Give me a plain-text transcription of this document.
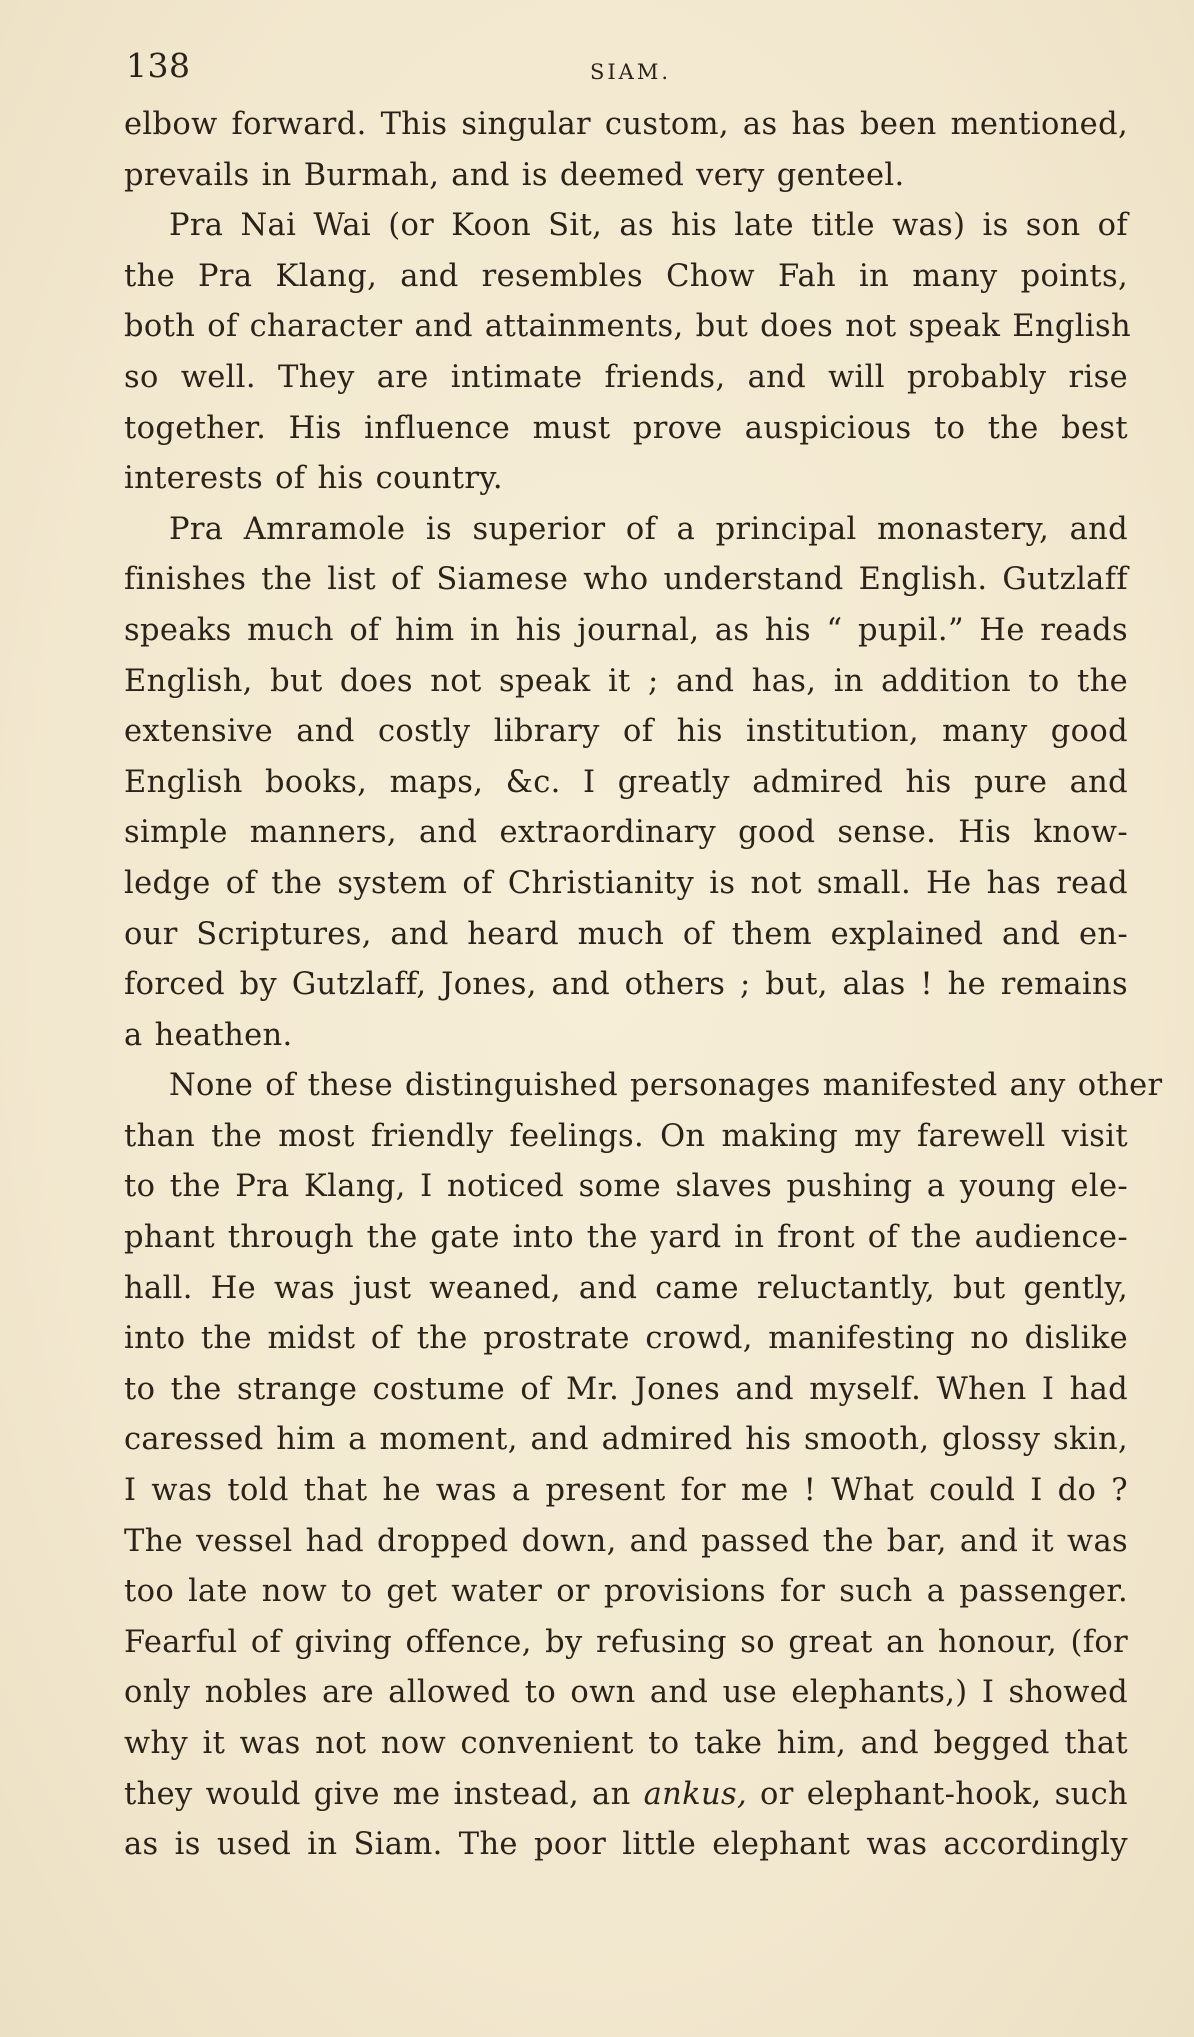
138	SIAM.
elbow forward. This singular custom, as has been mentioned,
prevails in Burmah, and is deemed very genteel.
Pra Nai Wai (or Koon Sit, as his late title was) is son of
the Pra Klang, and resembles Chow Fah in many points,
both of character and attainments, but does not speak English
so well. They are intimate friends, and will probably rise
together. His influence must prove auspicious to the best
interests of his country.
Pra Amramole is superior of a principal monastery, and
finishes the list of Siamese who understand English. Gutzlaff
speaks much of him in his journal, as his “ pupil.” He reads
English, but does not speak it ; and has, in addition to the
extensive and costly library of his institution, many good
English books, maps, &c. I greatly admired his pure and
simple manners, and extraordinary good sense. His know-
ledge of the system of Christianity is not small. He has read
our Scriptures, and heard much of them explained and en-
forced by Gutzlaff, Jones, and others ; but, alas ! he remains
a heathen.
None of these distinguished personages manifested any other
than the most friendly feelings. On making my farewell visit
to the Pra Klang, I noticed some slaves pushing a young ele-
phant through the gate into the yard in front of the audience-
hall. He was just weaned, and came reluctantly, but gently,
into the midst of the prostrate crowd, manifesting no dislike
to the strange costume of Mr. Jones and myself. When I had
caressed him a moment, and admired his smooth, glossy skin,
I was told that he was a present for me ! What could I do ?
The vessel had dropped down, and passed the bar, and it was
too late now to get water or provisions for such a passenger.
Fearful of giving offence, by refusing so great an honour, (for
only nobles are allowed to own and use elephants,) I showed
why it was not now convenient to take him, and begged that
they would give me instead, an ankus, or elephant-hook, such
as is used in Siam. The poor little elephant was accordingly
